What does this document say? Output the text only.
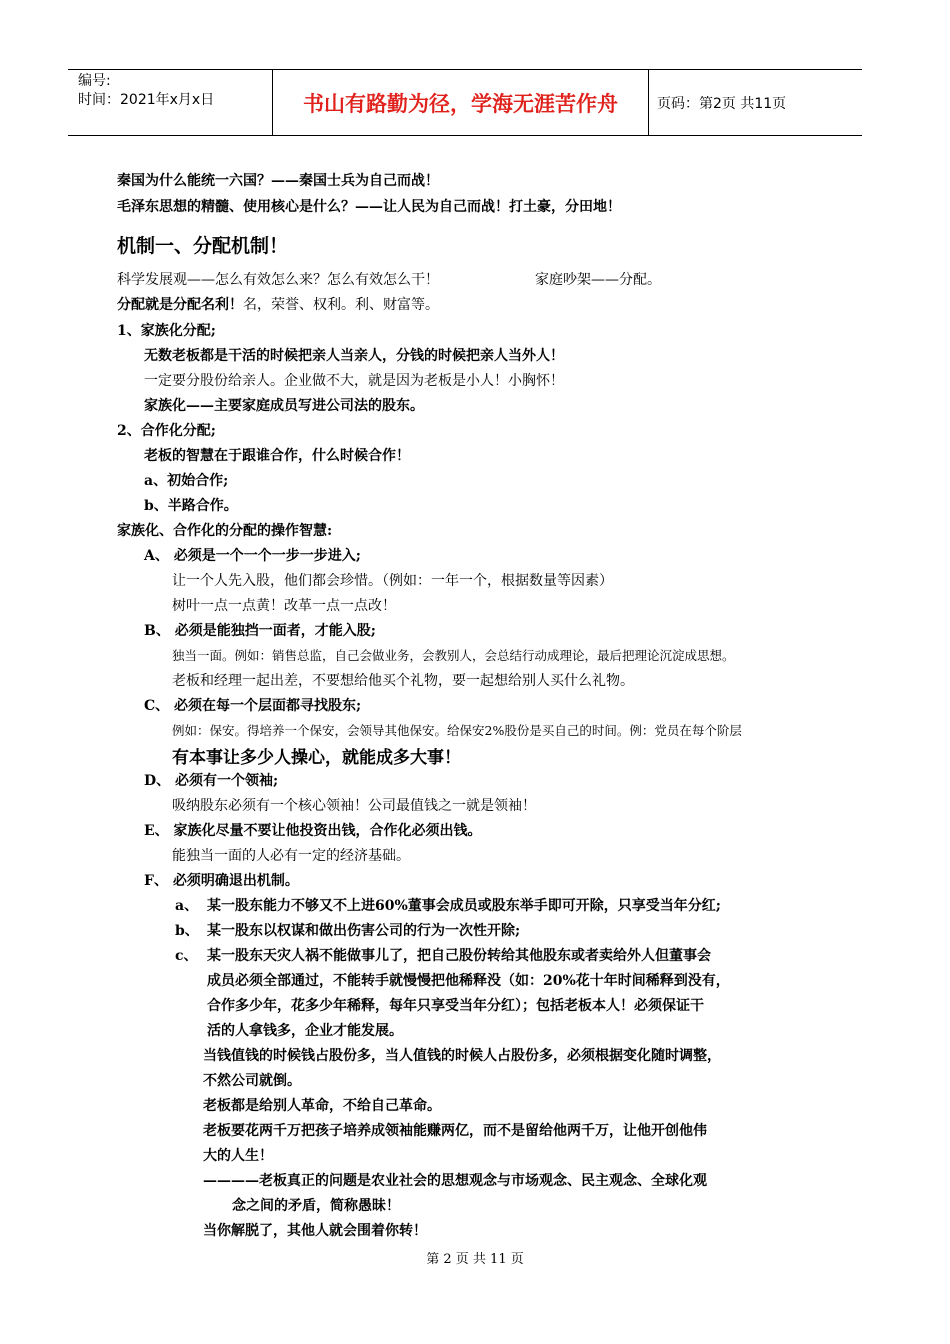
编号:
时间：2021年x月x日	书山有路勤为径，学海无涯苦作舟	页码：第2页 共11页
秦国为什么能统一六国？——秦国士兵为自己而战！
毛泽东思想的精髓、使用核心是什么？——让人民为自己而战！打土豪，分田地！
机制一、分配机制！
科学发展观——怎么有效怎么来？怎么有效怎么干！	家庭吵架——分配。
分配就是分配名利！名，荣誉、权利。利、财富等。
1、家族化分配;
无数老板都是干活的时候把亲人当亲人，分钱的时候把亲人当外人！
一定要分股份给亲人。企业做不大，就是因为老板是小人！小胸怀！
家族化——主要家庭成员写进公司法的股东。
2、合作化分配;
老板的智慧在于跟谁合作，什么时候合作！
a、初始合作;
b、半路合作。
家族化、合作化的分配的操作智慧:
A、 必须是一个一个一步一步进入;
让一个人先入股，他们都会珍惜。（例如：一年一个，根据数量等因素）
树叶一点一点黄！改革一点一点改！
B、 必须是能独挡一面者，才能入股;
独当一面。例如：销售总监，自己会做业务，会教别人，会总结行动成理论，最后把理论沉淀成思想。
老板和经理一起出差，不要想给他买个礼物，要一起想给别人买什么礼物。
C、 必须在每一个层面都寻找股东;
例如：保安。得培养一个保安，会领导其他保安。给保安2%股份是买自己的时间。例：党员在每个阶层
有本事让多少人操心，就能成多大事！
D、 必须有一个领袖;
吸纳股东必须有一个核心领袖！公司最值钱之一就是领袖！
E、 家族化尽量不要让他投资出钱，合作化必须出钱。
能独当一面的人必有一定的经济基础。
F、 必须明确退出机制。
a、 某一股东能力不够又不上进60%董事会成员或股东举手即可开除，只享受当年分红;
b、 某一股东以权谋和做出伤害公司的行为一次性开除;
c、 某一股东天灾人祸不能做事儿了，把自己股份转给其他股东或者卖给外人但董事会
成员必须全部通过，不能转手就慢慢把他稀释没（如：20%花十年时间稀释到没有，
合作多少年，花多少年稀释，每年只享受当年分红）；包括老板本人！必须保证干
活的人拿钱多，企业才能发展。
当钱值钱的时候钱占股份多，当人值钱的时候人占股份多，必须根据变化随时调整，
不然公司就倒。
老板都是给别人革命，不给自己革命。
老板要花两千万把孩子培养成领袖能赚两亿，而不是留给他两千万，让他开创他伟
大的人生！
————老板真正的问题是农业社会的思想观念与市场观念、民主观念、全球化观
念之间的矛盾，简称愚昧！
当你解脱了，其他人就会围着你转！
第 2 页 共 11 页
